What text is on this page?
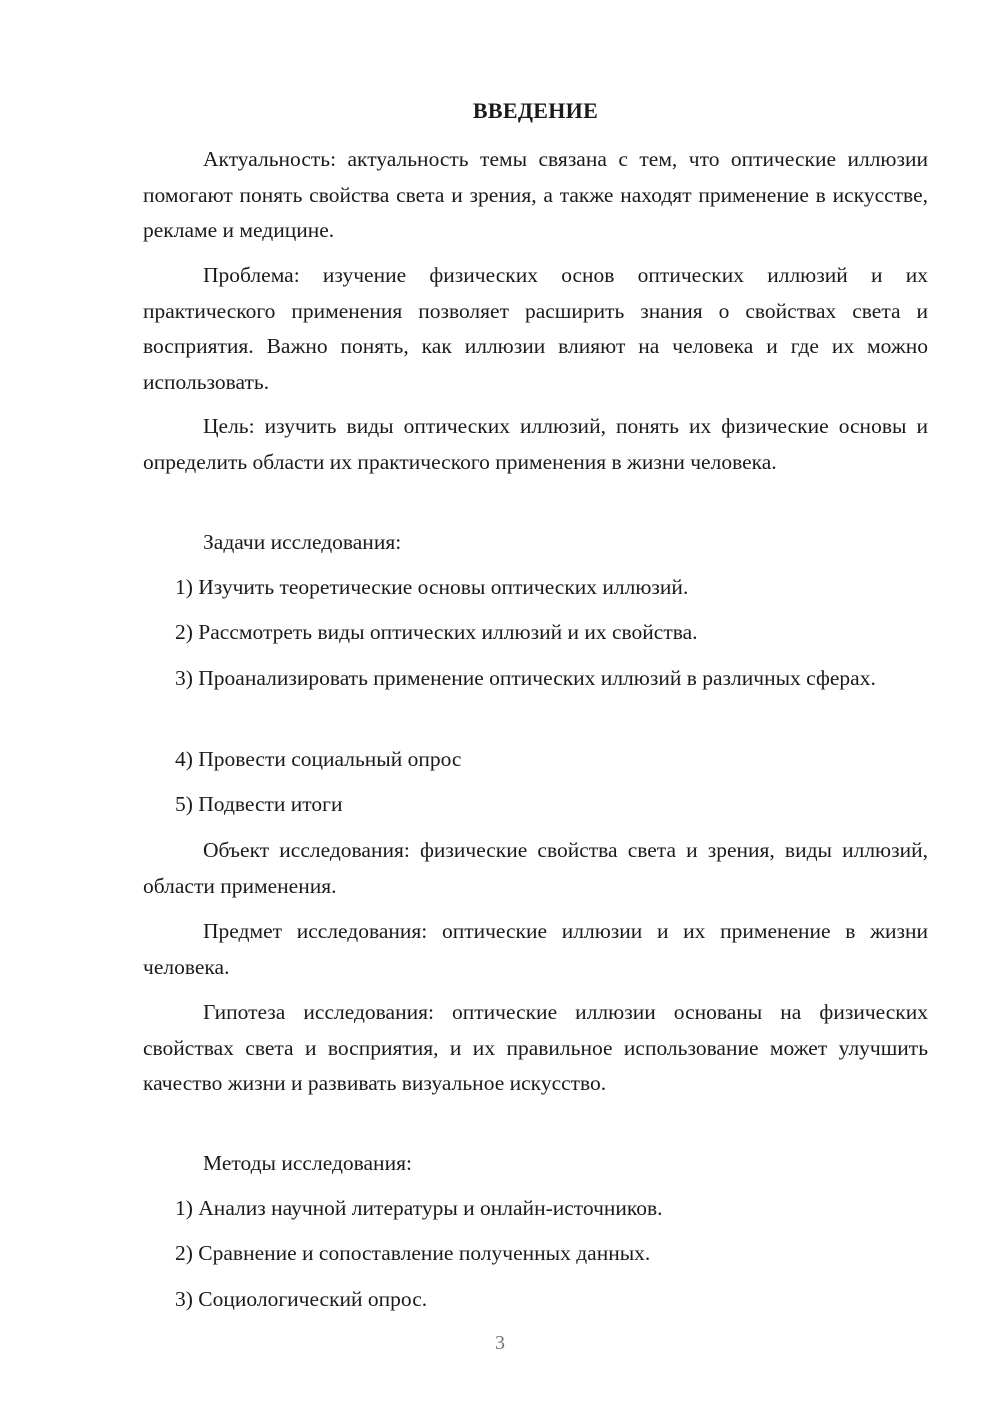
ВВЕДЕНИЕ

Актуальность: актуальность темы связана с тем, что оптические иллюзии помогают понять свойства света и зрения, а также находят применение в искусстве, рекламе и медицине.

Проблема: изучение физических основ оптических иллюзий и их практического применения позволяет расширить знания о свойствах света и восприятия. Важно понять, как иллюзии влияют на человека и где их можно использовать.

Цель: изучить виды оптических иллюзий, понять их физические основы и определить области их практического применения в жизни человека.

Задачи исследования:

1) Изучить теоретические основы оптических иллюзий.

2) Рассмотреть виды оптических иллюзий и их свойства.

3) Проанализировать применение оптических иллюзий в различных сферах.

4) Провести социальный опрос

5) Подвести итоги

Объект исследования: физические свойства света и зрения, виды иллюзий, области применения.

Предмет исследования: оптические иллюзии и их применение в жизни человека.

Гипотеза исследования: оптические иллюзии основаны на физических свойствах света и восприятия, и их правильное использование может улучшить качество жизни и развивать визуальное искусство.

Методы исследования:

1) Анализ научной литературы и онлайн-источников.

2) Сравнение и сопоставление полученных данных.

3) Социологический опрос.

3
